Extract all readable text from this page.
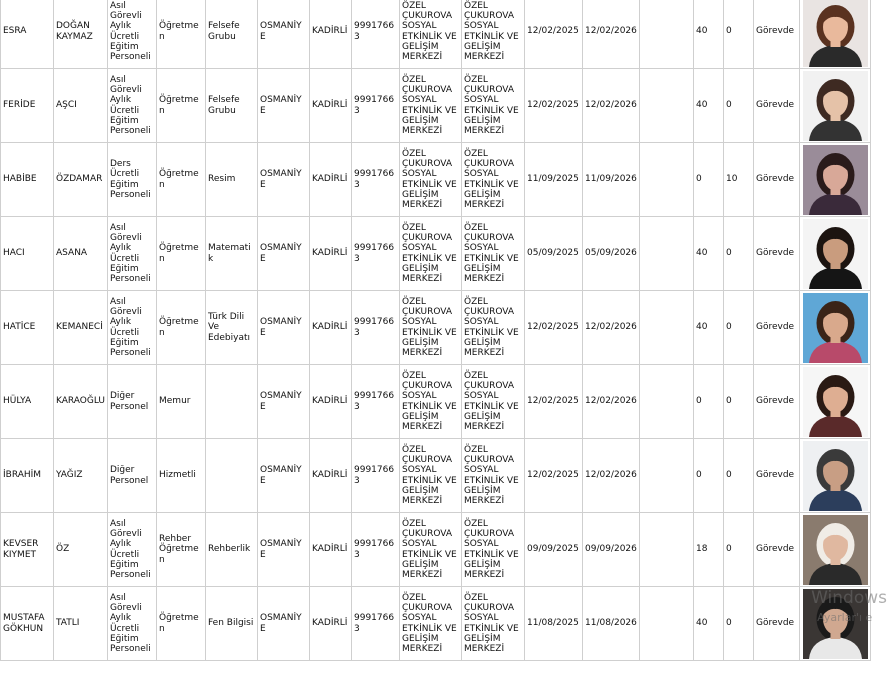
ESRA	DOĞAN KAYMAZ	Asıl Görevli Aylık Ücretli Eğitim Personeli	Öğretmen	Felsefe Grubu	OSMANİYE	KADİRLİ	99917663	ÖZEL ÇUKUROVA SOSYAL ETKİNLİK VE GELİŞİM MERKEZİ	ÖZEL ÇUKUROVA SOSYAL ETKİNLİK VE GELİŞİM MERKEZİ	12/02/2025	12/02/2026		40	0	Görevde	

FERİDE	AŞCI	Asıl Görevli Aylık Ücretli Eğitim Personeli	Öğretmen	Felsefe Grubu	OSMANİYE	KADİRLİ	99917663	ÖZEL ÇUKUROVA SOSYAL ETKİNLİK VE GELİŞİM MERKEZİ	ÖZEL ÇUKUROVA SOSYAL ETKİNLİK VE GELİŞİM MERKEZİ	12/02/2025	12/02/2026		40	0	Görevde	

HABİBE	ÖZDAMAR	Ders Ücretli Eğitim Personeli	Öğretmen	Resim	OSMANİYE	KADİRLİ	99917663	ÖZEL ÇUKUROVA SOSYAL ETKİNLİK VE GELİŞİM MERKEZİ	ÖZEL ÇUKUROVA SOSYAL ETKİNLİK VE GELİŞİM MERKEZİ	11/09/2025	11/09/2026		0	10	Görevde	

HACI	ASANA	Asıl Görevli Aylık Ücretli Eğitim Personeli	Öğretmen	Matematik	OSMANİYE	KADİRLİ	99917663	ÖZEL ÇUKUROVA SOSYAL ETKİNLİK VE GELİŞİM MERKEZİ	ÖZEL ÇUKUROVA SOSYAL ETKİNLİK VE GELİŞİM MERKEZİ	05/09/2025	05/09/2026		40	0	Görevde	

HATİCE	KEMANECİ	Asıl Görevli Aylık Ücretli Eğitim Personeli	Öğretmen	Türk Dili Ve Edebiyatı	OSMANİYE	KADİRLİ	99917663	ÖZEL ÇUKUROVA SOSYAL ETKİNLİK VE GELİŞİM MERKEZİ	ÖZEL ÇUKUROVA SOSYAL ETKİNLİK VE GELİŞİM MERKEZİ	12/02/2025	12/02/2026		40	0	Görevde	

HÜLYA	KARAOĞLU	Diğer Personel	Memur		OSMANİYE	KADİRLİ	99917663	ÖZEL ÇUKUROVA SOSYAL ETKİNLİK VE GELİŞİM MERKEZİ	ÖZEL ÇUKUROVA SOSYAL ETKİNLİK VE GELİŞİM MERKEZİ	12/02/2025	12/02/2026		0	0	Görevde	

İBRAHİM	YAĞIZ	Diğer Personel	Hizmetli		OSMANİYE	KADİRLİ	99917663	ÖZEL ÇUKUROVA SOSYAL ETKİNLİK VE GELİŞİM MERKEZİ	ÖZEL ÇUKUROVA SOSYAL ETKİNLİK VE GELİŞİM MERKEZİ	12/02/2025	12/02/2026		0	0	Görevde	

KEVSER KIYMET	ÖZ	Asıl Görevli Aylık Ücretli Eğitim Personeli	Rehber Öğretmen	Rehberlik	OSMANİYE	KADİRLİ	99917663	ÖZEL ÇUKUROVA SOSYAL ETKİNLİK VE GELİŞİM MERKEZİ	ÖZEL ÇUKUROVA SOSYAL ETKİNLİK VE GELİŞİM MERKEZİ	09/09/2025	09/09/2026		18	0	Görevde	

MUSTAFA GÖKHUN	TATLI	Asıl Görevli Aylık Ücretli Eğitim Personeli	Öğretmen	Fen Bilgisi	OSMANİYE	KADİRLİ	99917663	ÖZEL ÇUKUROVA SOSYAL ETKİNLİK VE GELİŞİM MERKEZİ	ÖZEL ÇUKUROVA SOSYAL ETKİNLİK VE GELİŞİM MERKEZİ	11/08/2025	11/08/2026		40	0	Görevde	
Windows
Ayarlar'ı e
